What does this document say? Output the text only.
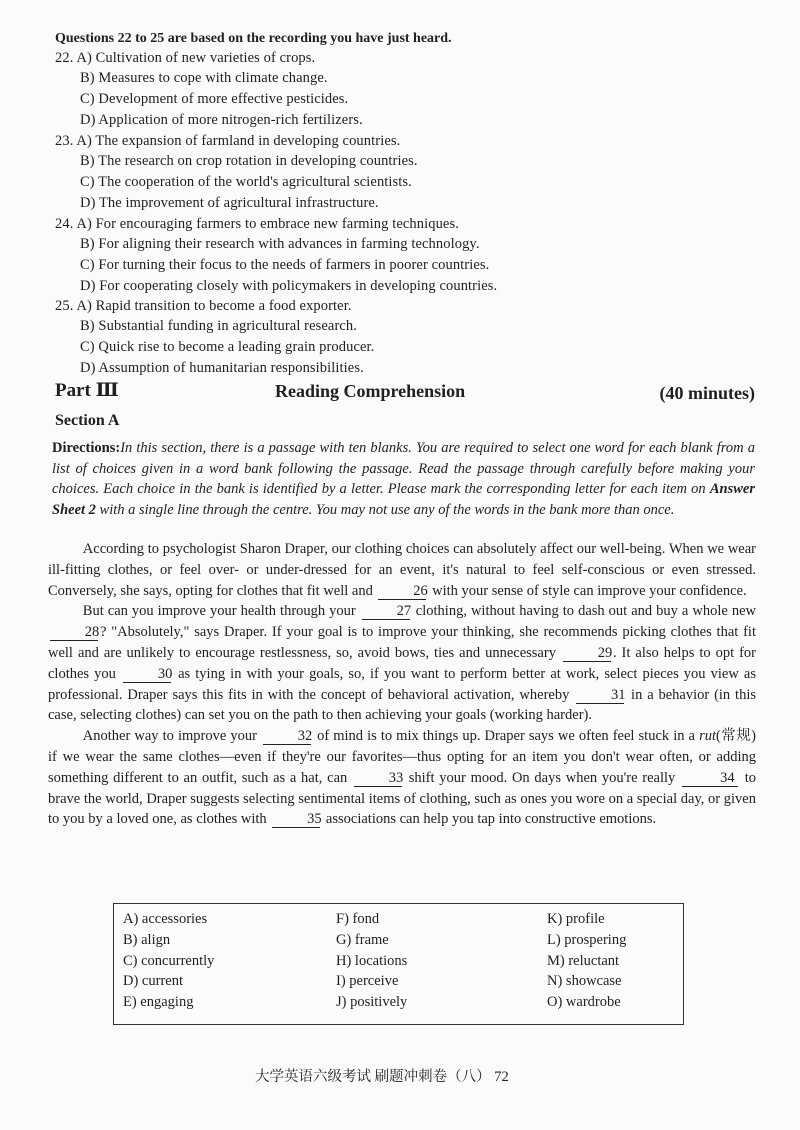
Questions 22 to 25 are based on the recording you have just heard.
22. A) Cultivation of new varieties of crops.
B) Measures to cope with climate change.
C) Development of more effective pesticides.
D) Application of more nitrogen-rich fertilizers.
23. A) The expansion of farmland in developing countries.
B) The research on crop rotation in developing countries.
C) The cooperation of the world's agricultural scientists.
D) The improvement of agricultural infrastructure.
24. A) For encouraging farmers to embrace new farming techniques.
B) For aligning their research with advances in farming technology.
C) For turning their focus to the needs of farmers in poorer countries.
D) For cooperating closely with policymakers in developing countries.
25. A) Rapid transition to become a food exporter.
B) Substantial funding in agricultural research.
C) Quick rise to become a leading grain producer.
D) Assumption of humanitarian responsibilities.
Part Ⅲ	Reading Comprehension	(40 minutes)
Section A
Directions:In this section, there is a passage with ten blanks. You are required to select one word for each blank from a list of choices given in a word bank following the passage. Read the passage through carefully before making your choices. Each choice in the bank is identified by a letter. Please mark the corresponding letter for each item on Answer Sheet 2 with a single line through the centre. You may not use any of the words in the bank more than once.

According to psychologist Sharon Draper, our clothing choices can absolutely affect our well-being. When we wear ill-fitting clothes, or feel over- or under-dressed for an event, it's natural to feel self-conscious or even stressed. Conversely, she says, opting for clothes that fit well and	26 with your sense of style can improve your confidence.

But can you improve your health through your	27 clothing, without having to dash out and buy a whole new 28? "Absolutely," says Draper. If your goal is to improve your thinking, she recommends picking clothes that fit well and are unlikely to encourage restlessness, so, avoid bows, ties and unnecessary	29. It also helps to opt for clothes you	30 as tying in with your goals, so, if you want to perform better at work, select pieces you view as professional. Draper says this fits in with the concept of behavioral activation, whereby	31 in a behavior (in this case, selecting clothes) can set you on the path to then achieving your goals (working harder).

Another way to improve your	32 of mind is to mix things up. Draper says we often feel stuck in a rut(常规) if we wear the same clothes—even if they're our favorites—thus opting for an item you don't wear often, or adding something different to an outfit, such as a hat, can	33 shift your mood. On days when you're really	34 to brave the world, Draper suggests selecting sentimental items of clothing, such as ones you wore on a special day, or given to you by a loved one, as clothes with	35 associations can help you tap into constructive emotions.

A) accessories
B) align
C) concurrently
D) current
E) engaging
F) fond
G) frame
H) locations
I) perceive
J) positively
K) profile
L) prospering
M) reluctant
N) showcase
O) wardrobe
大学英语六级考试 刷题冲刺卷（八） 72
